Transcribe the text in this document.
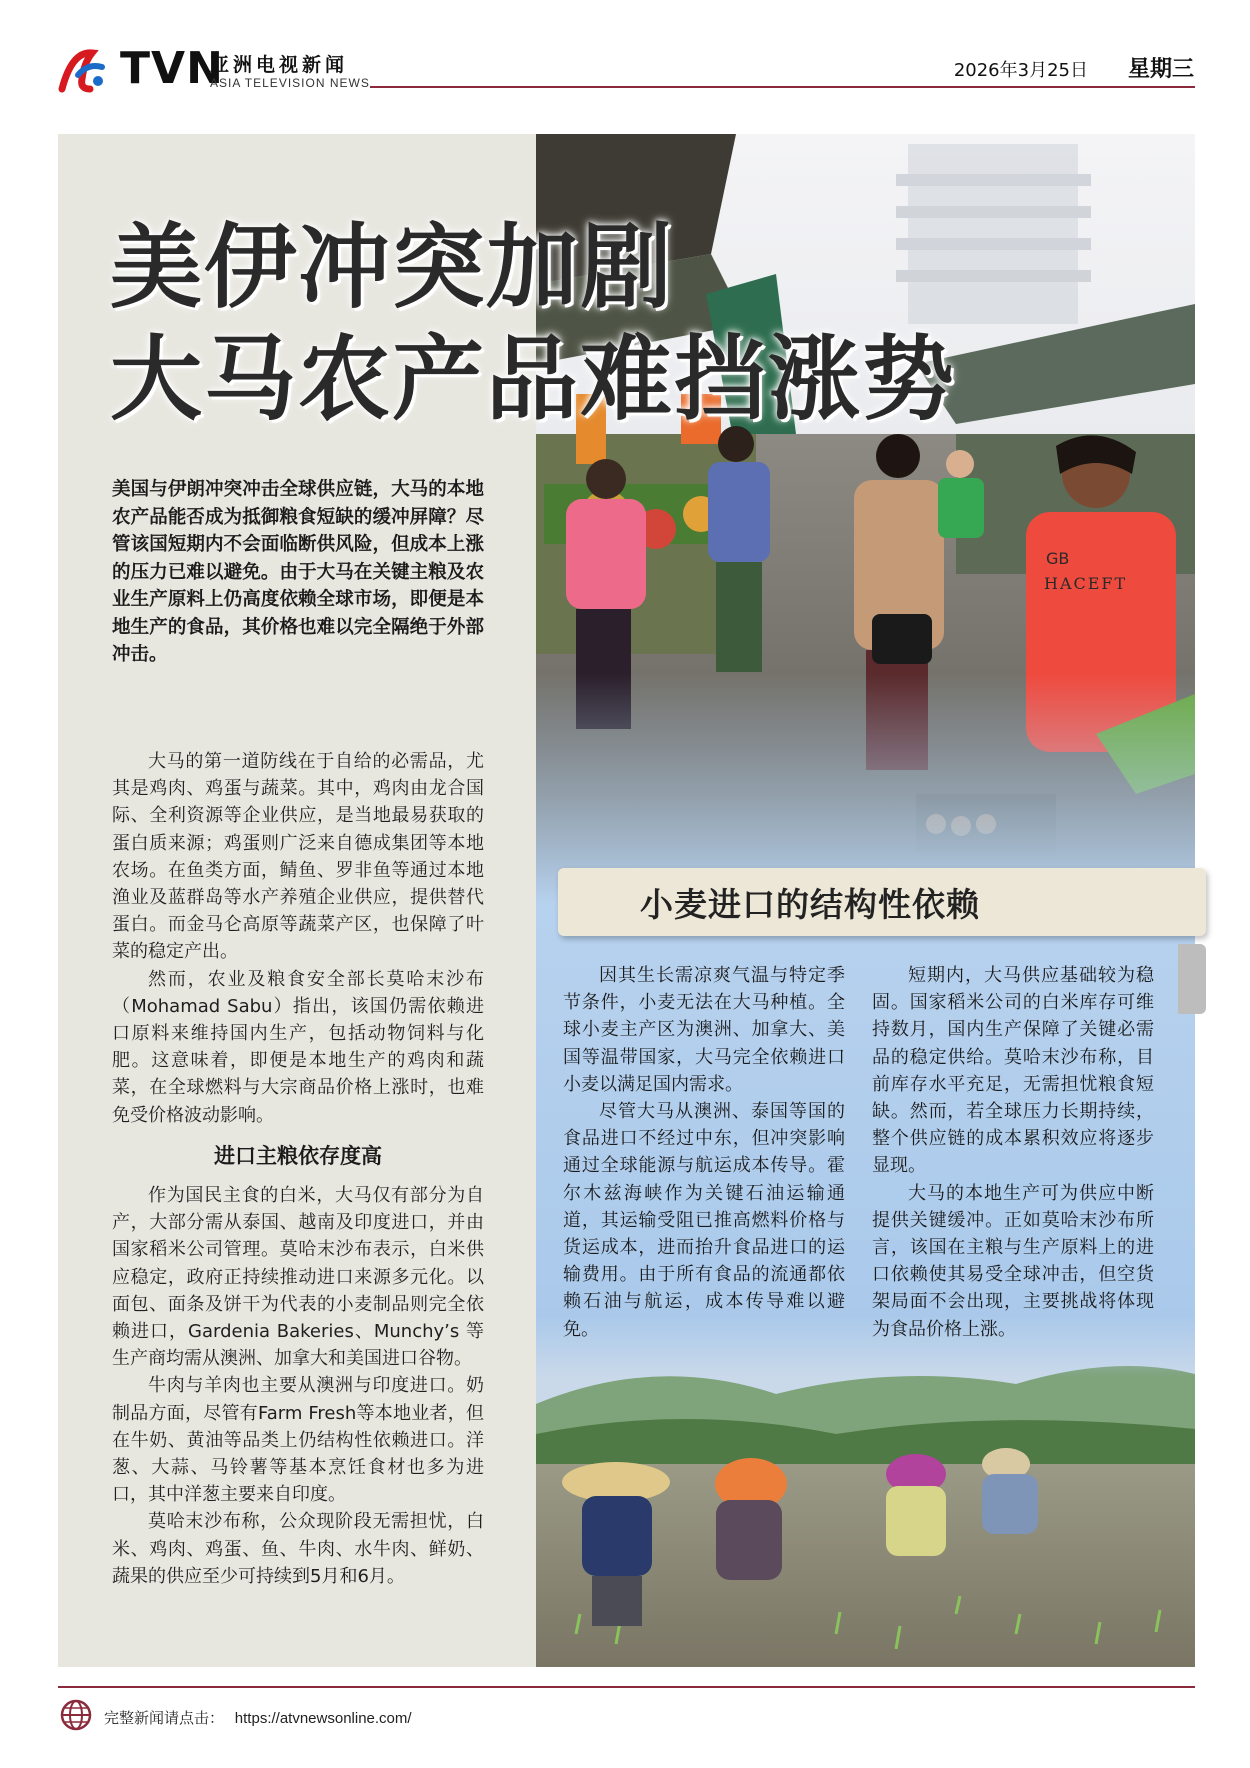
TVN
亚洲电视新闻
ASIA TELEVISION NEWS
2026年3月25日 星期三
美伊冲突加剧
大马农产品难挡涨势
美国与伊朗冲突冲击全球供应链，大马的本地农产品能否成为抵御粮食短缺的缓冲屏障？尽管该国短期内不会面临断供风险，但成本上涨的压力已难以避免。由于大马在关键主粮及农业生产原料上仍高度依赖全球市场，即便是本地生产的食品，其价格也难以完全隔绝于外部冲击。

大马的第一道防线在于自给的必需品，尤其是鸡肉、鸡蛋与蔬菜。其中，鸡肉由龙合国际、全利资源等企业供应，是当地最易获取的蛋白质来源；鸡蛋则广泛来自德成集团等本地农场。在鱼类方面，鲭鱼、罗非鱼等通过本地渔业及蓝群岛等水产养殖企业供应，提供替代蛋白。而金马仑高原等蔬菜产区，也保障了叶菜的稳定产出。

然而，农业及粮食安全部长莫哈末沙布（Mohamad Sabu）指出，该国仍需依赖进口原料来维持国内生产，包括动物饲料与化肥。这意味着，即便是本地生产的鸡肉和蔬菜，在全球燃料与大宗商品价格上涨时，也难免受价格波动影响。

进口主粮依存度高

作为国民主食的白米，大马仅有部分为自产，大部分需从泰国、越南及印度进口，并由国家稻米公司管理。莫哈末沙布表示，白米供应稳定，政府正持续推动进口来源多元化。以面包、面条及饼干为代表的小麦制品则完全依赖进口，Gardenia Bakeries、Munchy’s 等生产商均需从澳洲、加拿大和美国进口谷物。

牛肉与羊肉也主要从澳洲与印度进口。奶制品方面，尽管有Farm Fresh等本地业者，但在牛奶、黄油等品类上仍结构性依赖进口。洋葱、大蒜、马铃薯等基本烹饪食材也多为进口，其中洋葱主要来自印度。

莫哈末沙布称，公众现阶段无需担忧，白米、鸡肉、鸡蛋、鱼、牛肉、水牛肉、鲜奶、蔬果的供应至少可持续到5月和6月。

小麦进口的结构性依赖

因其生长需凉爽气温与特定季节条件，小麦无法在大马种植。全球小麦主产区为澳洲、加拿大、美国等温带国家，大马完全依赖进口小麦以满足国内需求。

尽管大马从澳洲、泰国等国的食品进口不经过中东，但冲突影响通过全球能源与航运成本传导。霍尔木兹海峡作为关键石油运输通道，其运输受阻已推高燃料价格与货运成本，进而抬升食品进口的运输费用。由于所有食品的流通都依赖石油与航运，成本传导难以避免。

短期内，大马供应基础较为稳固。国家稻米公司的白米库存可维持数月，国内生产保障了关键必需品的稳定供给。莫哈末沙布称，目前库存水平充足，无需担忧粮食短缺。然而，若全球压力长期持续，整个供应链的成本累积效应将逐步显现。

大马的本地生产可为供应中断提供关键缓冲。正如莫哈末沙布所言，该国在主粮与生产原料上的进口依赖使其易受全球冲击，但空货架局面不会出现，主要挑战将体现为食品价格上涨。

完整新闻请点击： https://atvnewsonline.com/
